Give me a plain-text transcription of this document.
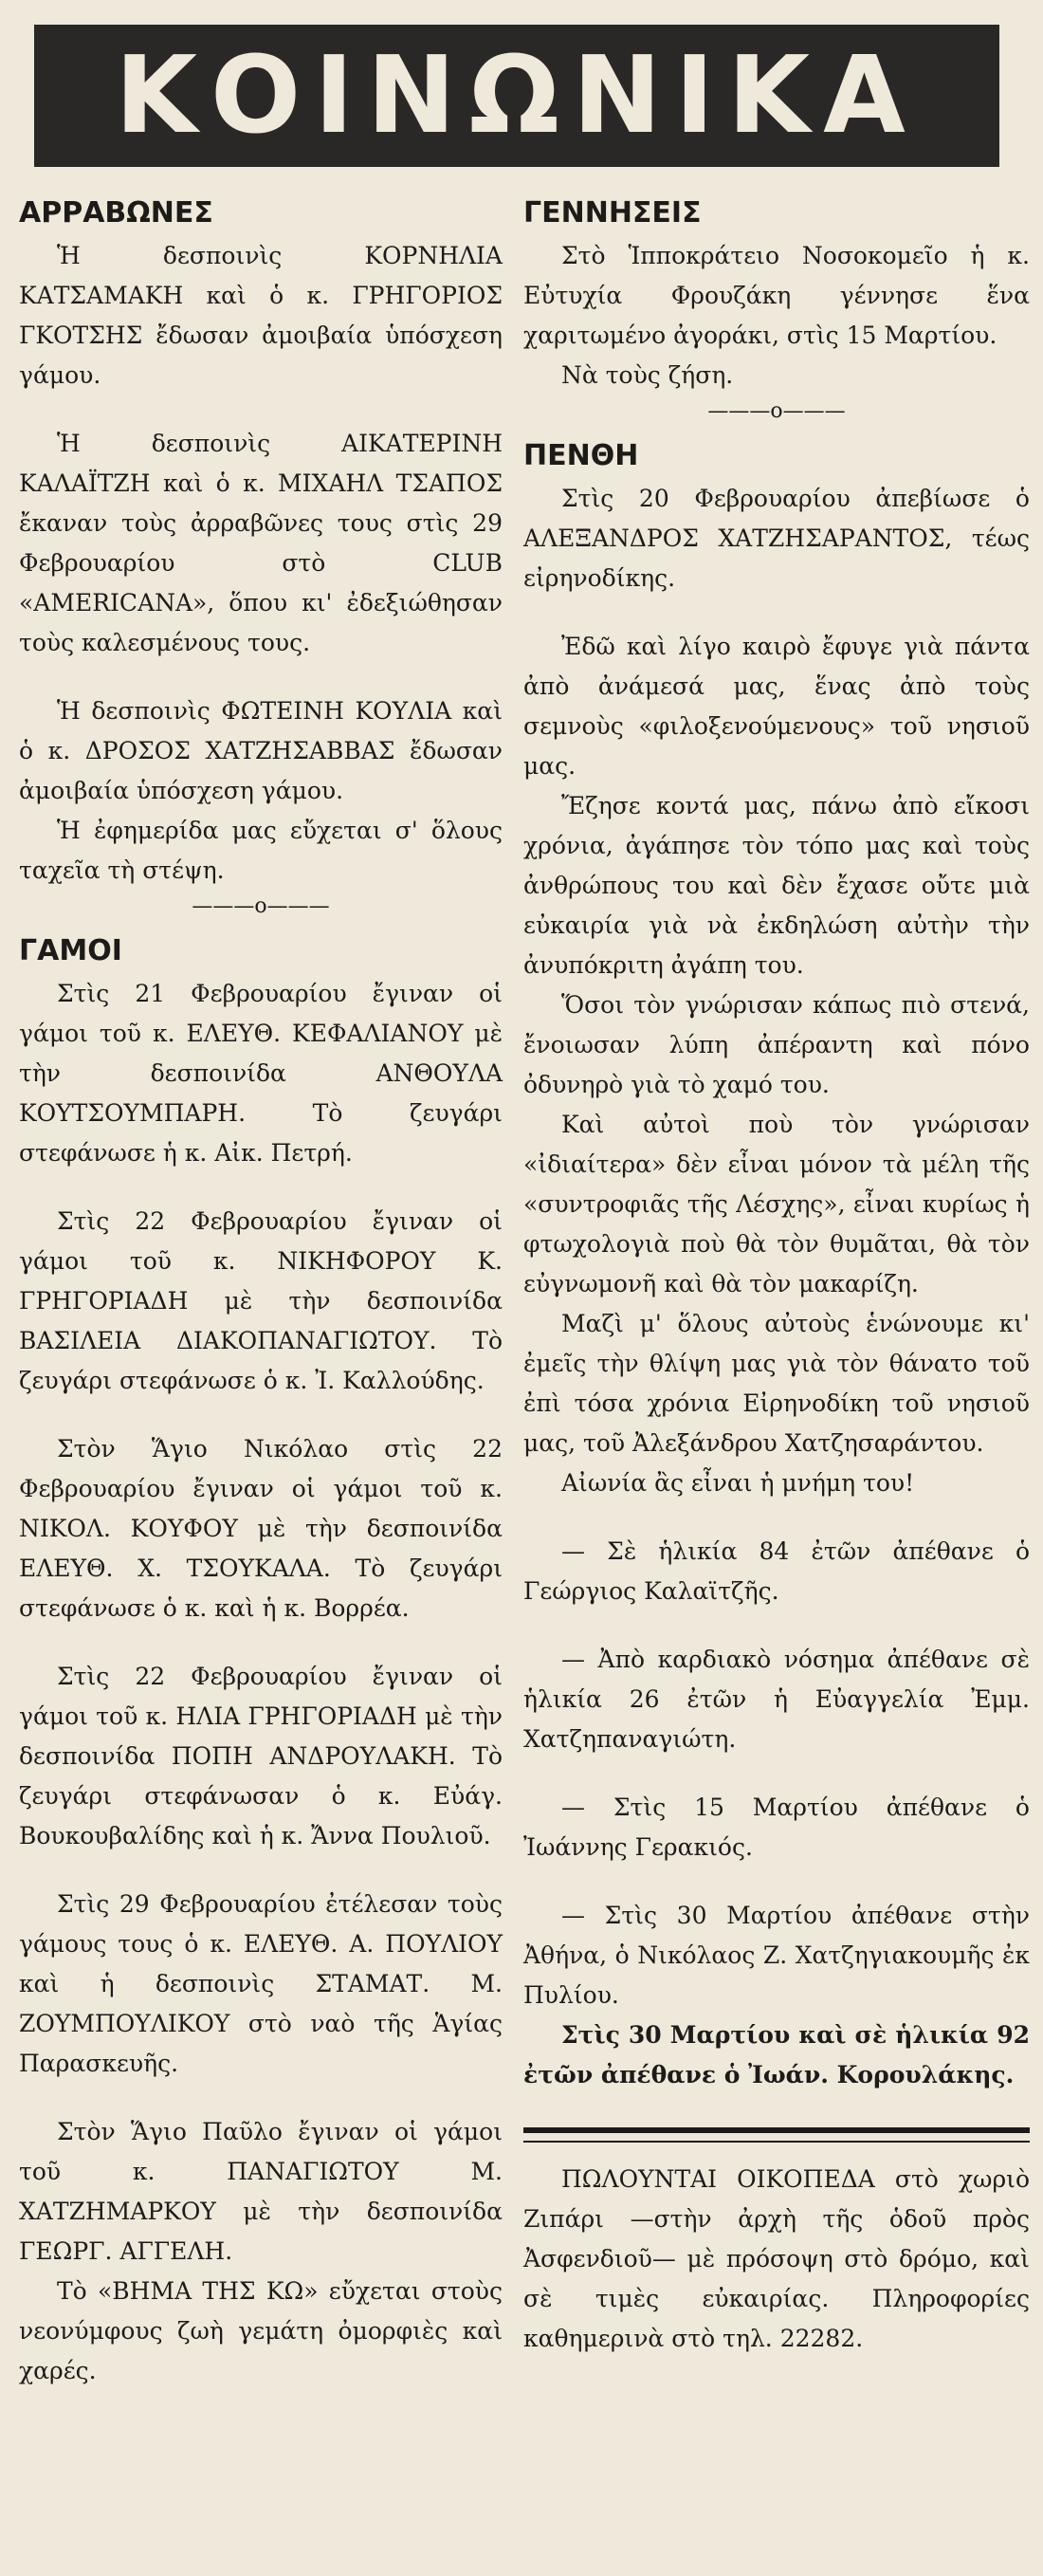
ΚΟΙΝΩΝΙΚΑ
ΑΡΡΑΒΩΝΕΣ

Ἡ δεσποινὶς ΚΟΡΝΗΛΙΑ ΚΑΤΣΑΜΑΚΗ καὶ ὁ κ. ΓΡΗΓΟΡΙΟΣ ΓΚΟΤΣΗΣ ἔδωσαν ἀμοιβαία ὑπόσχεση γάμου.

Ἡ δεσποινὶς ΑΙΚΑΤΕΡΙΝΗ ΚΑΛΑΪΤΖΗ καὶ ὁ κ. ΜΙΧΑΗΛ ΤΣΑΠΟΣ ἔκαναν τοὺς ἀρραβῶνες τους στὶς 29 Φεβρουαρίου στὸ CLUB «AMERICANA», ὅπου κι' ἐδεξιώθησαν τοὺς καλεσμένους τους.

Ἡ δεσποινὶς ΦΩΤΕΙΝΗ ΚΟΥΛΙΑ καὶ ὁ κ. ΔΡΟΣΟΣ ΧΑΤΖΗΣΑΒΒΑΣ ἔδωσαν ἀμοιβαία ὑπόσχεση γάμου.

Ἡ ἐφημερίδα μας εὔχεται σ' ὅλους ταχεῖα τὴ στέψη.

———o———
ΓΑΜΟΙ

Στὶς 21 Φεβρουαρίου ἔγιναν οἱ γάμοι τοῦ κ. ΕΛΕΥΘ. ΚΕΦΑΛΙΑΝΟΥ μὲ τὴν δεσποινίδα ΑΝΘΟΥΛΑ ΚΟΥΤΣΟΥΜΠΑΡΗ. Τὸ ζευγάρι στεφάνωσε ἡ κ. Αἰκ. Πετρή.

Στὶς 22 Φεβρουαρίου ἔγιναν οἱ γάμοι τοῦ κ. ΝΙΚΗΦΟΡΟΥ Κ. ΓΡΗΓΟΡΙΑΔΗ μὲ τὴν δεσποινίδα ΒΑΣΙΛΕΙΑ ΔΙΑΚΟΠΑΝΑΓΙΩΤΟΥ. Τὸ ζευγάρι στεφάνωσε ὁ κ. Ἰ. Καλλούδης.

Στὸν Ἅγιο Νικόλαο στὶς 22 Φεβρουαρίου ἔγιναν οἱ γάμοι τοῦ κ. ΝΙΚΟΛ. ΚΟΥΦΟΥ μὲ τὴν δεσποινίδα ΕΛΕΥΘ. Χ. ΤΣΟΥΚΑΛΑ. Τὸ ζευγάρι στεφάνωσε ὁ κ. καὶ ἡ κ. Βορρέα.

Στὶς 22 Φεβρουαρίου ἔγιναν οἱ γάμοι τοῦ κ. ΗΛΙΑ ΓΡΗΓΟΡΙΑΔΗ μὲ τὴν δεσποινίδα ΠΟΠΗ ΑΝΔΡΟΥΛΑΚΗ. Τὸ ζευγάρι στεφάνωσαν ὁ κ. Εὐάγ. Βουκουβαλίδης καὶ ἡ κ. Ἄννα Πουλιοῦ.

Στὶς 29 Φεβρουαρίου ἐτέλεσαν τοὺς γάμους τους ὁ κ. ΕΛΕΥΘ. Α. ΠΟΥΛΙΟΥ καὶ ἡ δεσποινὶς ΣΤΑΜΑΤ. Μ. ΖΟΥΜΠΟΥΛΙΚΟΥ στὸ ναὸ τῆς Ἁγίας Παρασκευῆς.

Στὸν Ἅγιο Παῦλο ἔγιναν οἱ γάμοι τοῦ κ. ΠΑΝΑΓΙΩΤΟΥ Μ. ΧΑΤΖΗΜΑΡΚΟΥ μὲ τὴν δεσποινίδα ΓΕΩΡΓ. ΑΓΓΕΛΗ.

Τὸ «ΒΗΜΑ ΤΗΣ ΚΩ» εὔχεται στοὺς νεονύμφους ζωὴ γεμάτη ὀμορφιὲς καὶ χαρές.

ΓΕΝΝΗΣΕΙΣ

Στὸ Ἱπποκράτειο Νοσοκομεῖο ἡ κ. Εὐτυχία Φρουζάκη γέννησε ἕνα χαριτωμένο ἀγοράκι, στὶς 15 Μαρτίου.

Νὰ τοὺς ζήση.

———o———
ΠΕΝΘΗ

Στὶς 20 Φεβρουαρίου ἀπεβίωσε ὁ ΑΛΕΞΑΝΔΡΟΣ ΧΑΤΖΗΣΑΡΑΝΤΟΣ, τέως εἰρηνοδίκης.

Ἐδῶ καὶ λίγο καιρὸ ἔφυγε γιὰ πάντα ἀπὸ ἀνάμεσά μας, ἕνας ἀπὸ τοὺς σεμνοὺς «φιλοξενούμενους» τοῦ νησιοῦ μας.

Ἔζησε κοντά μας, πάνω ἀπὸ εἴκοσι χρόνια, ἀγάπησε τὸν τόπο μας καὶ τοὺς ἀνθρώπους του καὶ δὲν ἔχασε οὔτε μιὰ εὐκαιρία γιὰ νὰ ἐκδηλώση αὐτὴν τὴν ἀνυπόκριτη ἀγάπη του.

Ὅσοι τὸν γνώρισαν κάπως πιὸ στενά, ἔνοιωσαν λύπη ἀπέραντη καὶ πόνο ὀδυνηρὸ γιὰ τὸ χαμό του.

Καὶ αὐτοὶ ποὺ τὸν γνώρισαν «ἰδιαίτερα» δὲν εἶναι μόνον τὰ μέλη τῆς «συντροφιᾶς τῆς Λέσχης», εἶναι κυρίως ἡ φτωχολογιὰ ποὺ θὰ τὸν θυμᾶται, θὰ τὸν εὐγνωμονῆ καὶ θὰ τὸν μακαρίζη.

Μαζὶ μ' ὅλους αὐτοὺς ἑνώνουμε κι' ἐμεῖς τὴν θλίψη μας γιὰ τὸν θάνατο τοῦ ἐπὶ τόσα χρόνια Εἰρηνοδίκη τοῦ νησιοῦ μας, τοῦ Ἀλεξάνδρου Χατζησαράντου.

Αἰωνία ἂς εἶναι ἡ μνήμη του!

— Σὲ ἡλικία 84 ἐτῶν ἀπέθανε ὁ Γεώργιος Καλαϊτζῆς.

— Ἀπὸ καρδιακὸ νόσημα ἀπέθανε σὲ ἡλικία 26 ἐτῶν ἡ Εὐαγγελία Ἐμμ. Χατζηπαναγιώτη.

— Στὶς 15 Μαρτίου ἀπέθανε ὁ Ἰωάννης Γερακιός.

— Στὶς 30 Μαρτίου ἀπέθανε στὴν Ἀθήνα, ὁ Νικόλαος Ζ. Χατζηγιακουμῆς ἐκ Πυλίου.

Στὶς 30 Μαρτίου καὶ σὲ ἡλικία 92 ἐτῶν ἀπέθανε ὁ Ἰωάν. Κορουλάκης.

ΠΩΛΟΥΝΤΑΙ ΟΙΚΟΠΕΔΑ στὸ χωριὸ Ζιπάρι —στὴν ἀρχὴ τῆς ὁδοῦ πρὸς Ἀσφενδιοῦ— μὲ πρόσοψη στὸ δρόμο, καὶ σὲ τιμὲς εὐκαιρίας. Πληροφορίες καθημερινὰ στὸ τηλ. 22282.
